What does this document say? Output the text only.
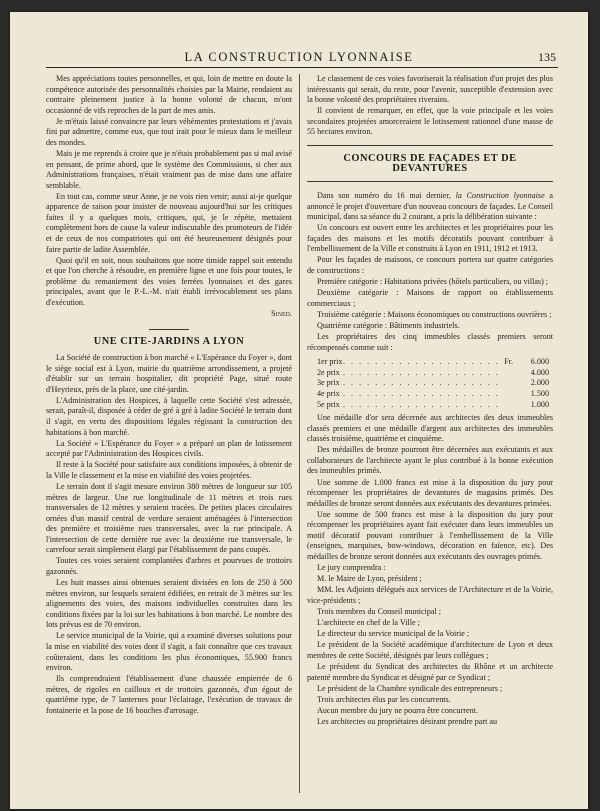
LA CONSTRUCTION LYONNAISE	135

Mes appréciations toutes personnelles, et qui, loin de mettre en doute la compétence autorisée des personnalités choisies par la Mairie, rendaient au contraire pleinement justice à la bonne volonté de chacun, m'ont occasionné de vifs reproches de la part de mes amis.

Je m'étais laissé convaincre par leurs véhémentes protestations et j'avais fini par admettre, comme eux, que tout irait pour le mieux dans le meilleur des mondes.

Mais je me reprends à croire que je n'étais probablement pas si mal avisé en pensant, de prime abord, que le système des Commissions, si cher aux Administrations françaises, n'était vraiment pas de mise dans une affaire semblable.

En tout cas, comme sœur Anne, je ne vois rien venir; aussi ai-je quelque apparence de raison pour insister de nouveau aujourd'hui sur les critiques faites il y a quelques mois, critiques, qui, je le répète, mettaient complètement hors de cause la valeur indiscutable des promoteurs de l'idée et de ceux de nos compatriotes qui ont été heureusement désignés pour faire partie de ladite Assemblée.

Quoi qu'il en soit, nous souhaitons que notre timide rappel soit entendu et que l'on cherche à résoudre, en première ligne et une fois pour toutes, le problème du remaniement des voies ferrées lyonnaises et des gares principales, avant que le P.-L.-M. n'ait établi irrévocablement ses plans d'exécution.

Sined.
UNE CITE-JARDINS A LYON

La Société de construction à bon marché « L'Espérance du Foyer », dont le siège social est à Lyon, mairie du quatrième arrondissement, a projeté d'établir sur un terrain hospitalier, dit propriété Page, situé route d'Heyrieux, près de la place, une cité-jardin.

L'Administration des Hospices, à laquelle cette Société s'est adressée, serait, paraît-il, disposée à céder de gré à gré à ladite Société le terrain dont il s'agit, en vertu des dispositions légales régissant la construction des habitations à bon marché.

La Société « L'Espérance du Foyer » a préparé un plan de lotissement accepté par l'Administration des Hospices civils.

Il reste à la Société pour satisfaire aux conditions imposées, à obtenir de la Ville le classement et la mise en viabilité des voies projetées.

Le terrain dont il s'agit mesure environ 380 mètres de longueur sur 105 mètres de largeur. Une rue longitudinale de 11 mètres et trois rues transversales de 12 mètres y seraient tracées. De petites places circulaires ornées d'un massif central de verdure seraient aménagées à l'intersection des première et troisième rues transversales, avec la rue principale. A l'intersection de cette dernière rue avec la deuxième rue transversale, le carrefour serait simplement élargi par l'établissement de pans coupés.

Toutes ces voies seraient complantées d'arbres et pourvues de trottoirs gazonnés.

Les huit masses ainsi obtenues seraient divisées en lots de 250 à 500 mètres environ, sur lesquels seraient édifiées, en retrait de 3 mètres sur les alignements des voies, des maisons individuelles construites dans les conditions fixées par la loi sur les habitations à bon marché. Le nombre des lots prévus est de 70 environ.

Le service municipal de la Voirie, qui a examiné diverses solutions pour la mise en viabilité des voies dont il s'agit, a fait connaître que ces travaux coûteraient, dans les conditions les plus économiques, 55.900 francs environ.

Ils comprendraient l'établissement d'une chaussée empierrée de 6 mètres, de rigoles en cailloux et de trottoirs gazonnés, d'un égout de quatrième type, de 7 lanternes pour l'éclairage, l'exécution de travaux de fontainerie et la pose de 16 bouches d'arrosage.

Le classement de ces voies favoriserait la réalisation d'un projet des plus intéressants qui serait, du reste, pour l'avenir, susceptible d'extension avec la bonne volonté des propriétaires riverains.

Il convient de remarquer, en effet, que la voie principale et les voies secondaires projetées amorceraient le lotissement rationnel d'une masse de 55 hectares environ.

CONCOURS DE FAÇADES ET DE DEVANTURES

Dans son numéro du 16 mai dernier, la Construction lyonnaise a annoncé le projet d'ouverture d'un nouveau concours de façades. Le Conseil municipal, dans sa séance du 2 courant, a pris la délibération suivante :

Un concours est ouvert entre les architectes et les propriétaires pour les façades des maisons et les motifs décoratifs pouvant contribuer à l'embellissement de la Ville et construits à Lyon en 1911, 1912 et 1913.

Pour les façades de maisons, ce concours portera sur quatre catégories de constructions :

Première catégorie : Habitations privées (hôtels particuliers, ou villas) ;

Deuxième catégorie : Maisons de rapport ou établissements commerciaux ;

Troisième catégorie : Maisons économiques ou constructions ouvrières ;

Quatrième catégorie : Bâtiments industriels.

Les propriétaires des cinq immeubles classés premiers seront récompensés comme suit :

1er prix . . .	Fr.	6.000
2e prix . . .	4.000
3e prix . . .	2.000
4e prix . . .	1.500
5e prix . . .	1.000

Une médaille d'or sera décernée aux architectes des deux immeubles classés premiers et une médaille d'argent aux architectes des immeubles classés troisième, quatrième et cinquième.

Des médailles de bronze pourront être décernées aux exécutants et aux collaborateurs de l'architecte ayant le plus contribué à la bonne exécution des immeubles primés.

Une somme de 1.000 francs est mise à la disposition du jury pour récompenser les propriétaires de devantures de magasins primés. Des médailles de bronze seront données aux exécutants des devantures primées.

Une somme de 500 francs est mise à la disposition du jury pour récompenser les propriétaires ayant fait exécuter dans leurs immeubles un motif décoratif pouvant contribuer à l'embellissement de la Ville (enseignes, marquises, bow-windows, décoration en faïence, etc). Des médailles de bronze seront données aux exécutants des ouvrages primés.

Le jury comprendra :

M. le Maire de Lyon, président ;

MM. les Adjoints délégués aux services de l'Architecture et de la Voirie, vice-présidents ;

Trois membres du Conseil municipal ;

L'architecte en chef de la Ville ;

Le directeur du service municipal de la Voirie ;

Le président de la Société académique d'architecture de Lyon et deux membres de cette Société, désignés par leurs collègues ;

Le président du Syndicat des architectes du Rhône et un architecte patenté membre du Syndicat et désigné par ce Syndicat ;

Le président de la Chambre syndicale des entrepreneurs ;

Trois architectes élus par les concurrents.

Aucun membre du jury ne pourra être concurrent.

Les architectes ou propriétaires désirant prendre part au
